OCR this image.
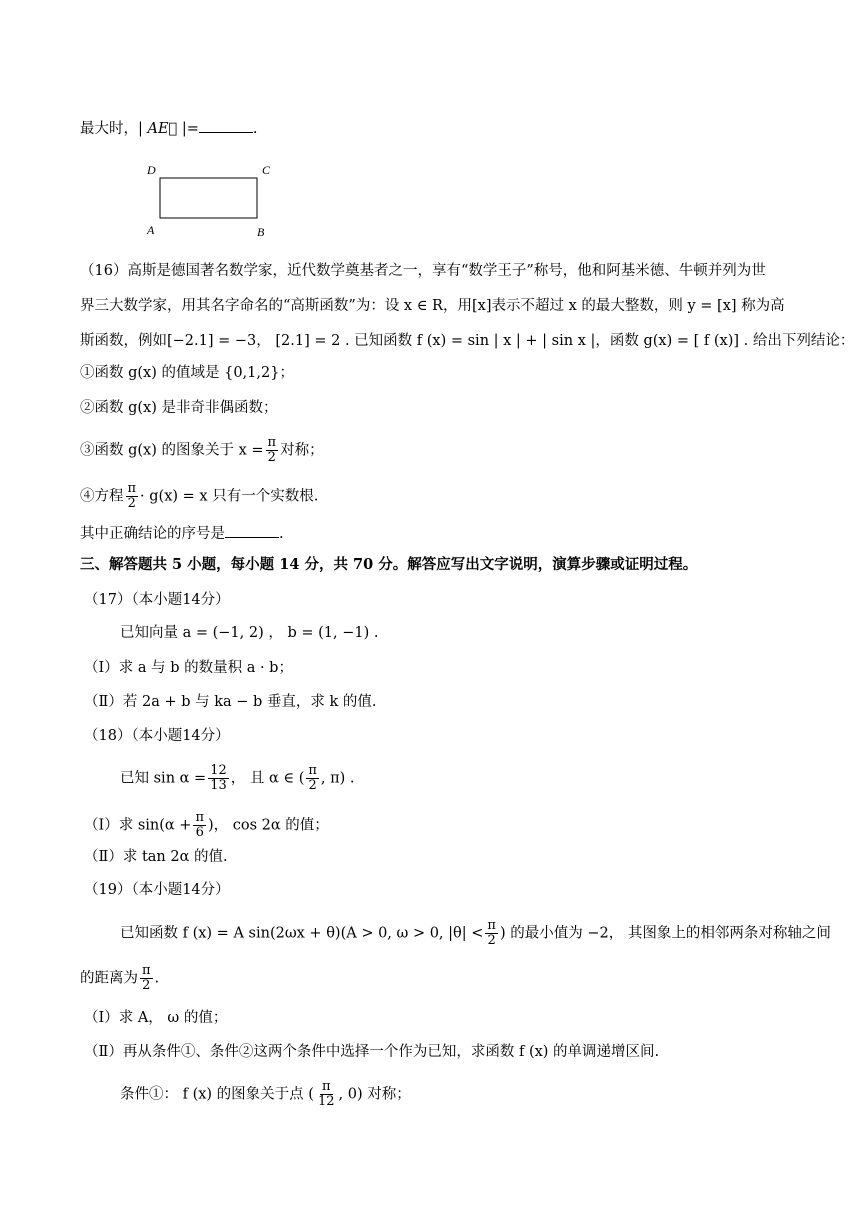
最大时，| AE⃗ |=	.
D	C
A	B
（16）高斯是德国著名数学家，近代数学奠基者之一，享有“数学王子”称号，他和阿基米德、牛顿并列为世
界三大数学家，用其名字命名的“高斯函数”为：设 x ∈ R，用[x]表示不超过 x 的最大整数，则 y = [x] 称为高
斯函数，例如[−2.1] = −3， [2.1] = 2 . 已知函数 f (x) = sin | x | + | sin x |，函数 g(x) = [ f (x)] . 给出下列结论：
①函数 g(x) 的值域是 {0,1,2}；
②函数 g(x) 是非奇非偶函数；
③函数 g(x) 的图象关于 $x = \frac{\pi}{2}$ 对称；
④方程 $\frac{\pi}{2} \cdot g(x) = x$ 只有一个实数根.
其中正确结论的序号是	.
三、解答题共 5 小题，每小题 14 分，共 70 分。解答应写出文字说明，演算步骤或证明过程。
（17）（本小题14分）
已知向量 a = (−1, 2) ， b = (1, −1) .
（Ⅰ）求 a 与 b 的数量积 a · b；
（Ⅱ）若 2a + b 与 ka − b 垂直，求 k 的值.
（18）（本小题14分）
已知 $\sin \alpha = \frac{12}{13}$ ， 且 α ∈ ( $\frac{\pi}{2}$ , π) .
（Ⅰ）求 $\sin(\alpha + \frac{\pi}{6}$ )， cos 2α 的值；
（Ⅱ）求 tan 2α 的值.
（19）（本小题14分）
已知函数 f (x) = A sin(2ωx + θ)(A > 0, ω > 0, $|\theta| < \frac{\pi}{2}$ ) 的最小值为 −2， 其图象上的相邻两条对称轴之间
的距离为 $\frac{\pi}{2}$ .
（Ⅰ）求 A， ω 的值；
（Ⅱ）再从条件①、条件②这两个条件中选择一个作为已知，求函数 f (x) 的单调递增区间.
条件①： f (x) 的图象关于点 ( $\frac{\pi}{12}$ , 0) 对称；
